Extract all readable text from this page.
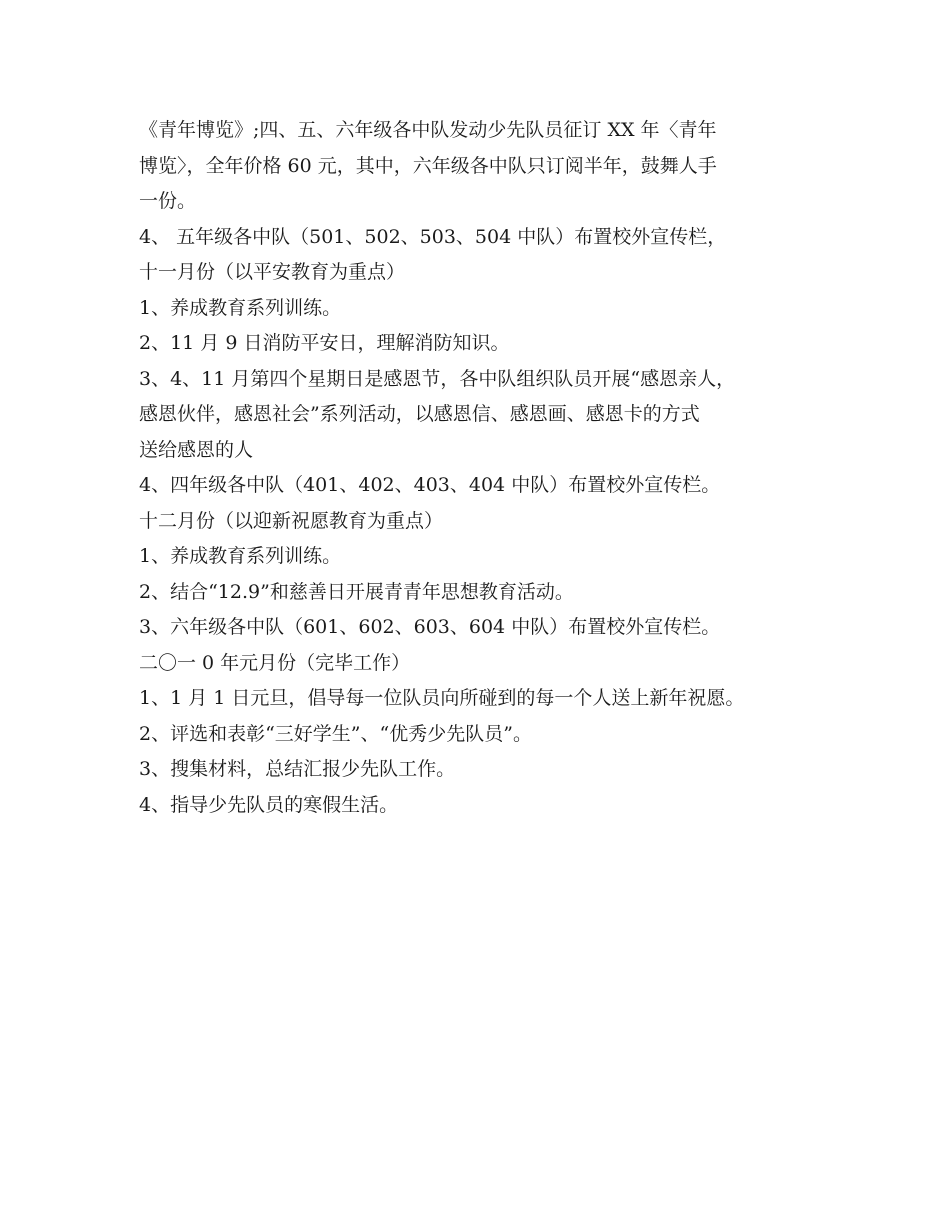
《青年博览》;四、五、六年级各中队发动少先队员征订 XX 年〈青年
博览〉，全年价格 60 元，其中，六年级各中队只订阅半年，鼓舞人手
一份。
4、 五年级各中队（501、502、503、504 中队）布置校外宣传栏，
十一月份（以平安教育为重点）
1、养成教育系列训练。
2、11 月 9 日消防平安日，理解消防知识。
3、4、11 月第四个星期日是感恩节，各中队组织队员开展“感恩亲人，
感恩伙伴，感恩社会”系列活动，以感恩信、感恩画、感恩卡的方式
送给感恩的人
4、四年级各中队（401、402、403、404 中队）布置校外宣传栏。
十二月份（以迎新祝愿教育为重点）
1、养成教育系列训练。
2、结合“12.9”和慈善日开展青青年思想教育活动。
3、六年级各中队（601、602、603、604 中队）布置校外宣传栏。
二〇一 0 年元月份（完毕工作）
1、1 月 1 日元旦，倡导每一位队员向所碰到的每一个人送上新年祝愿。
2、评选和表彰“三好学生”、“优秀少先队员”。
3、搜集材料，总结汇报少先队工作。
4、指导少先队员的寒假生活。
